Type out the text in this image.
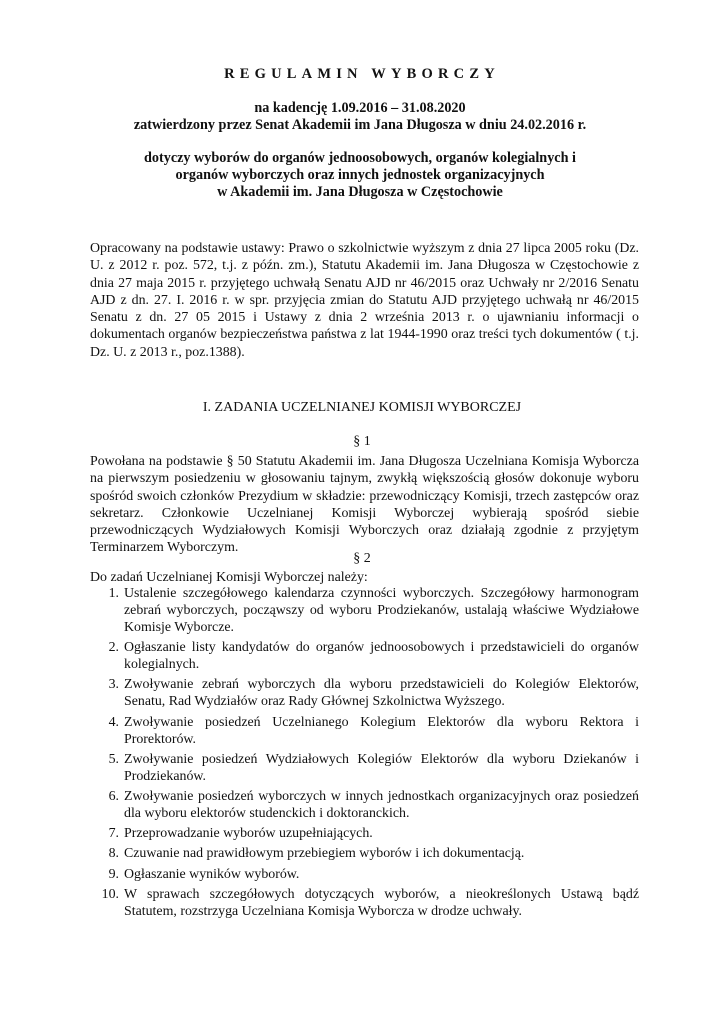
REGULAMIN WYBORCZY
na kadencję 1.09.2016 – 31.08.2020
zatwierdzony przez Senat Akademii im Jana Długosza w dniu 24.02.2016 r.
dotyczy wyborów do organów jednoosobowych, organów kolegialnych i
organów wyborczych oraz innych jednostek organizacyjnych
w Akademii im. Jana Długosza w Częstochowie
Opracowany na podstawie ustawy: Prawo o szkolnictwie wyższym z dnia 27 lipca 2005 roku (Dz. U. z 2012 r. poz. 572, t.j. z późn. zm.), Statutu Akademii im. Jana Długosza w Częstochowie z dnia 27 maja 2015 r. przyjętego uchwałą Senatu AJD nr 46/2015 oraz Uchwały nr 2/2016 Senatu AJD z dn. 27. I. 2016 r. w spr. przyjęcia zmian do Statutu AJD przyjętego uchwałą nr 46/2015 Senatu z dn. 27 05 2015 i Ustawy z dnia 2 września 2013 r. o ujawnianiu informacji o dokumentach organów bezpieczeństwa państwa z lat 1944-1990 oraz treści tych dokumentów ( t.j. Dz. U. z 2013 r., poz.1388).
I. ZADANIA UCZELNIANEJ KOMISJI WYBORCZEJ
§ 1
Powołana na podstawie § 50 Statutu Akademii im. Jana Długosza Uczelniana Komisja Wyborcza na pierwszym posiedzeniu w głosowaniu tajnym, zwykłą większością głosów dokonuje wyboru spośród swoich członków Prezydium w składzie: przewodniczący Komisji, trzech zastępców oraz sekretarz. Członkowie Uczelnianej Komisji Wyborczej wybierają spośród siebie przewodniczących Wydziałowych Komisji Wyborczych oraz działają zgodnie z przyjętym Terminarzem Wyborczym.
§ 2
Do zadań Uczelnianej Komisji Wyborczej należy:
1. Ustalenie szczegółowego kalendarza czynności wyborczych. Szczegółowy harmonogram zebrań wyborczych, począwszy od wyboru Prodziekanów, ustalają właściwe Wydziałowe Komisje Wyborcze.
2. Ogłaszanie listy kandydatów do organów jednoosobowych i przedstawicieli do organów kolegialnych.
3. Zwoływanie zebrań wyborczych dla wyboru przedstawicieli do Kolegiów Elektorów, Senatu, Rad Wydziałów oraz Rady Głównej Szkolnictwa Wyższego.
4. Zwoływanie posiedzeń Uczelnianego Kolegium Elektorów dla wyboru Rektora i Prorektorów.
5. Zwoływanie posiedzeń Wydziałowych Kolegiów Elektorów dla wyboru Dziekanów i Prodziekanów.
6. Zwoływanie posiedzeń wyborczych w innych jednostkach organizacyjnych oraz posiedzeń dla wyboru elektorów studenckich i doktoranckich.
7. Przeprowadzanie wyborów uzupełniających.
8. Czuwanie nad prawidłowym przebiegiem wyborów i ich dokumentacją.
9. Ogłaszanie wyników wyborów.
10. W sprawach szczegółowych dotyczących wyborów, a nieokreślonych Ustawą bądź Statutem, rozstrzyga Uczelniana Komisja Wyborcza w drodze uchwały.
